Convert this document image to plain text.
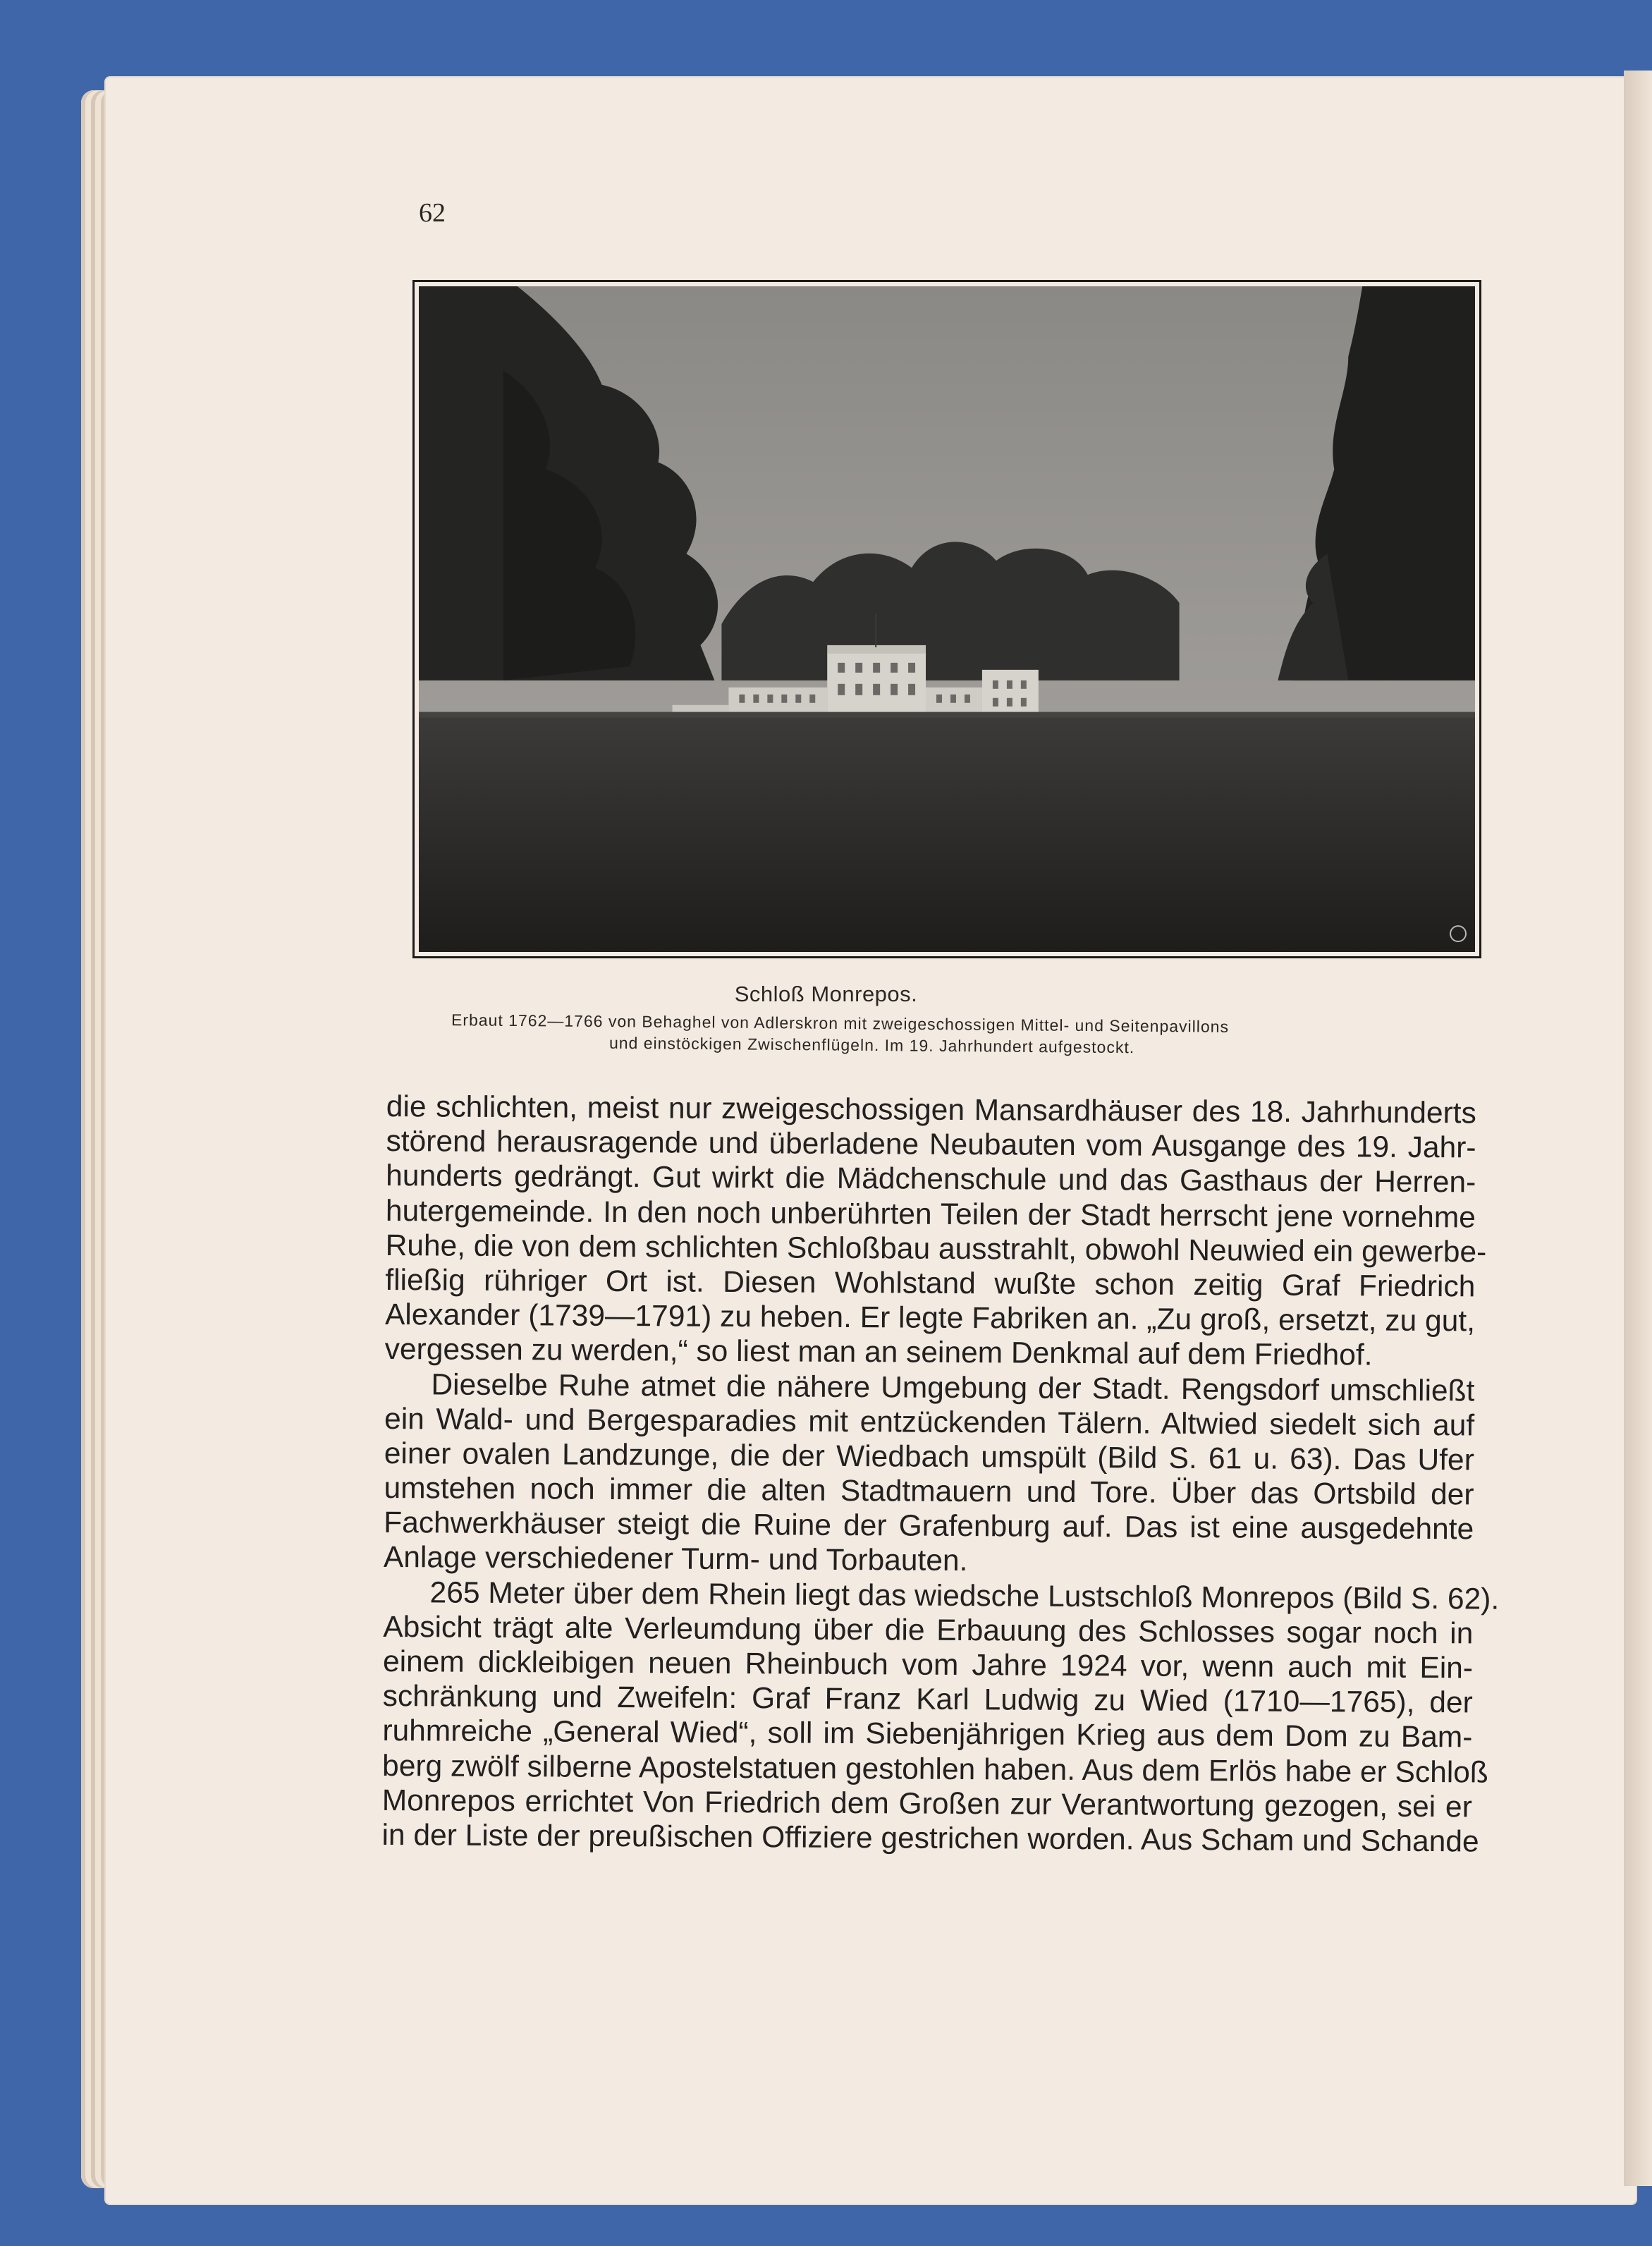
62
Schloß Monrepos.
Erbaut 1762—1766 von Behaghel von Adlerskron mit zweigeschossigen Mittel- und Seitenpavillons
und einstöckigen Zwischenflügeln. Im 19. Jahrhundert aufgestockt.
die schlichten, meist nur zweigeschossigen Mansardhäuser des 18. Jahrhunderts
störend herausragende und überladene Neubauten vom Ausgange des 19. Jahr-
hunderts gedrängt. Gut wirkt die Mädchenschule und das Gasthaus der Herren-
hutergemeinde. In den noch unberührten Teilen der Stadt herrscht jene vornehme
Ruhe, die von dem schlichten Schloßbau ausstrahlt, obwohl Neuwied ein gewerbe-
fließig rühriger Ort ist. Diesen Wohlstand wußte schon zeitig Graf Friedrich
Alexander (1739—1791) zu heben. Er legte Fabriken an. „Zu groß, ersetzt, zu gut,
vergessen zu werden,“ so liest man an seinem Denkmal auf dem Friedhof.
Dieselbe Ruhe atmet die nähere Umgebung der Stadt. Rengsdorf umschließt
ein Wald- und Bergesparadies mit entzückenden Tälern. Altwied siedelt sich auf
einer ovalen Landzunge, die der Wiedbach umspült (Bild S. 61 u. 63). Das Ufer
umstehen noch immer die alten Stadtmauern und Tore. Über das Ortsbild der
Fachwerkhäuser steigt die Ruine der Grafenburg auf. Das ist eine ausgedehnte
Anlage verschiedener Turm- und Torbauten.
265 Meter über dem Rhein liegt das wiedsche Lustschloß Monrepos (Bild S. 62).
Absicht trägt alte Verleumdung über die Erbauung des Schlosses sogar noch in
einem dickleibigen neuen Rheinbuch vom Jahre 1924 vor, wenn auch mit Ein-
schränkung und Zweifeln: Graf Franz Karl Ludwig zu Wied (1710—1765), der
ruhmreiche „General Wied“, soll im Siebenjährigen Krieg aus dem Dom zu Bam-
berg zwölf silberne Apostelstatuen gestohlen haben. Aus dem Erlös habe er Schloß
Monrepos errichtet Von Friedrich dem Großen zur Verantwortung gezogen, sei er
in der Liste der preußischen Offiziere gestrichen worden. Aus Scham und Schande
